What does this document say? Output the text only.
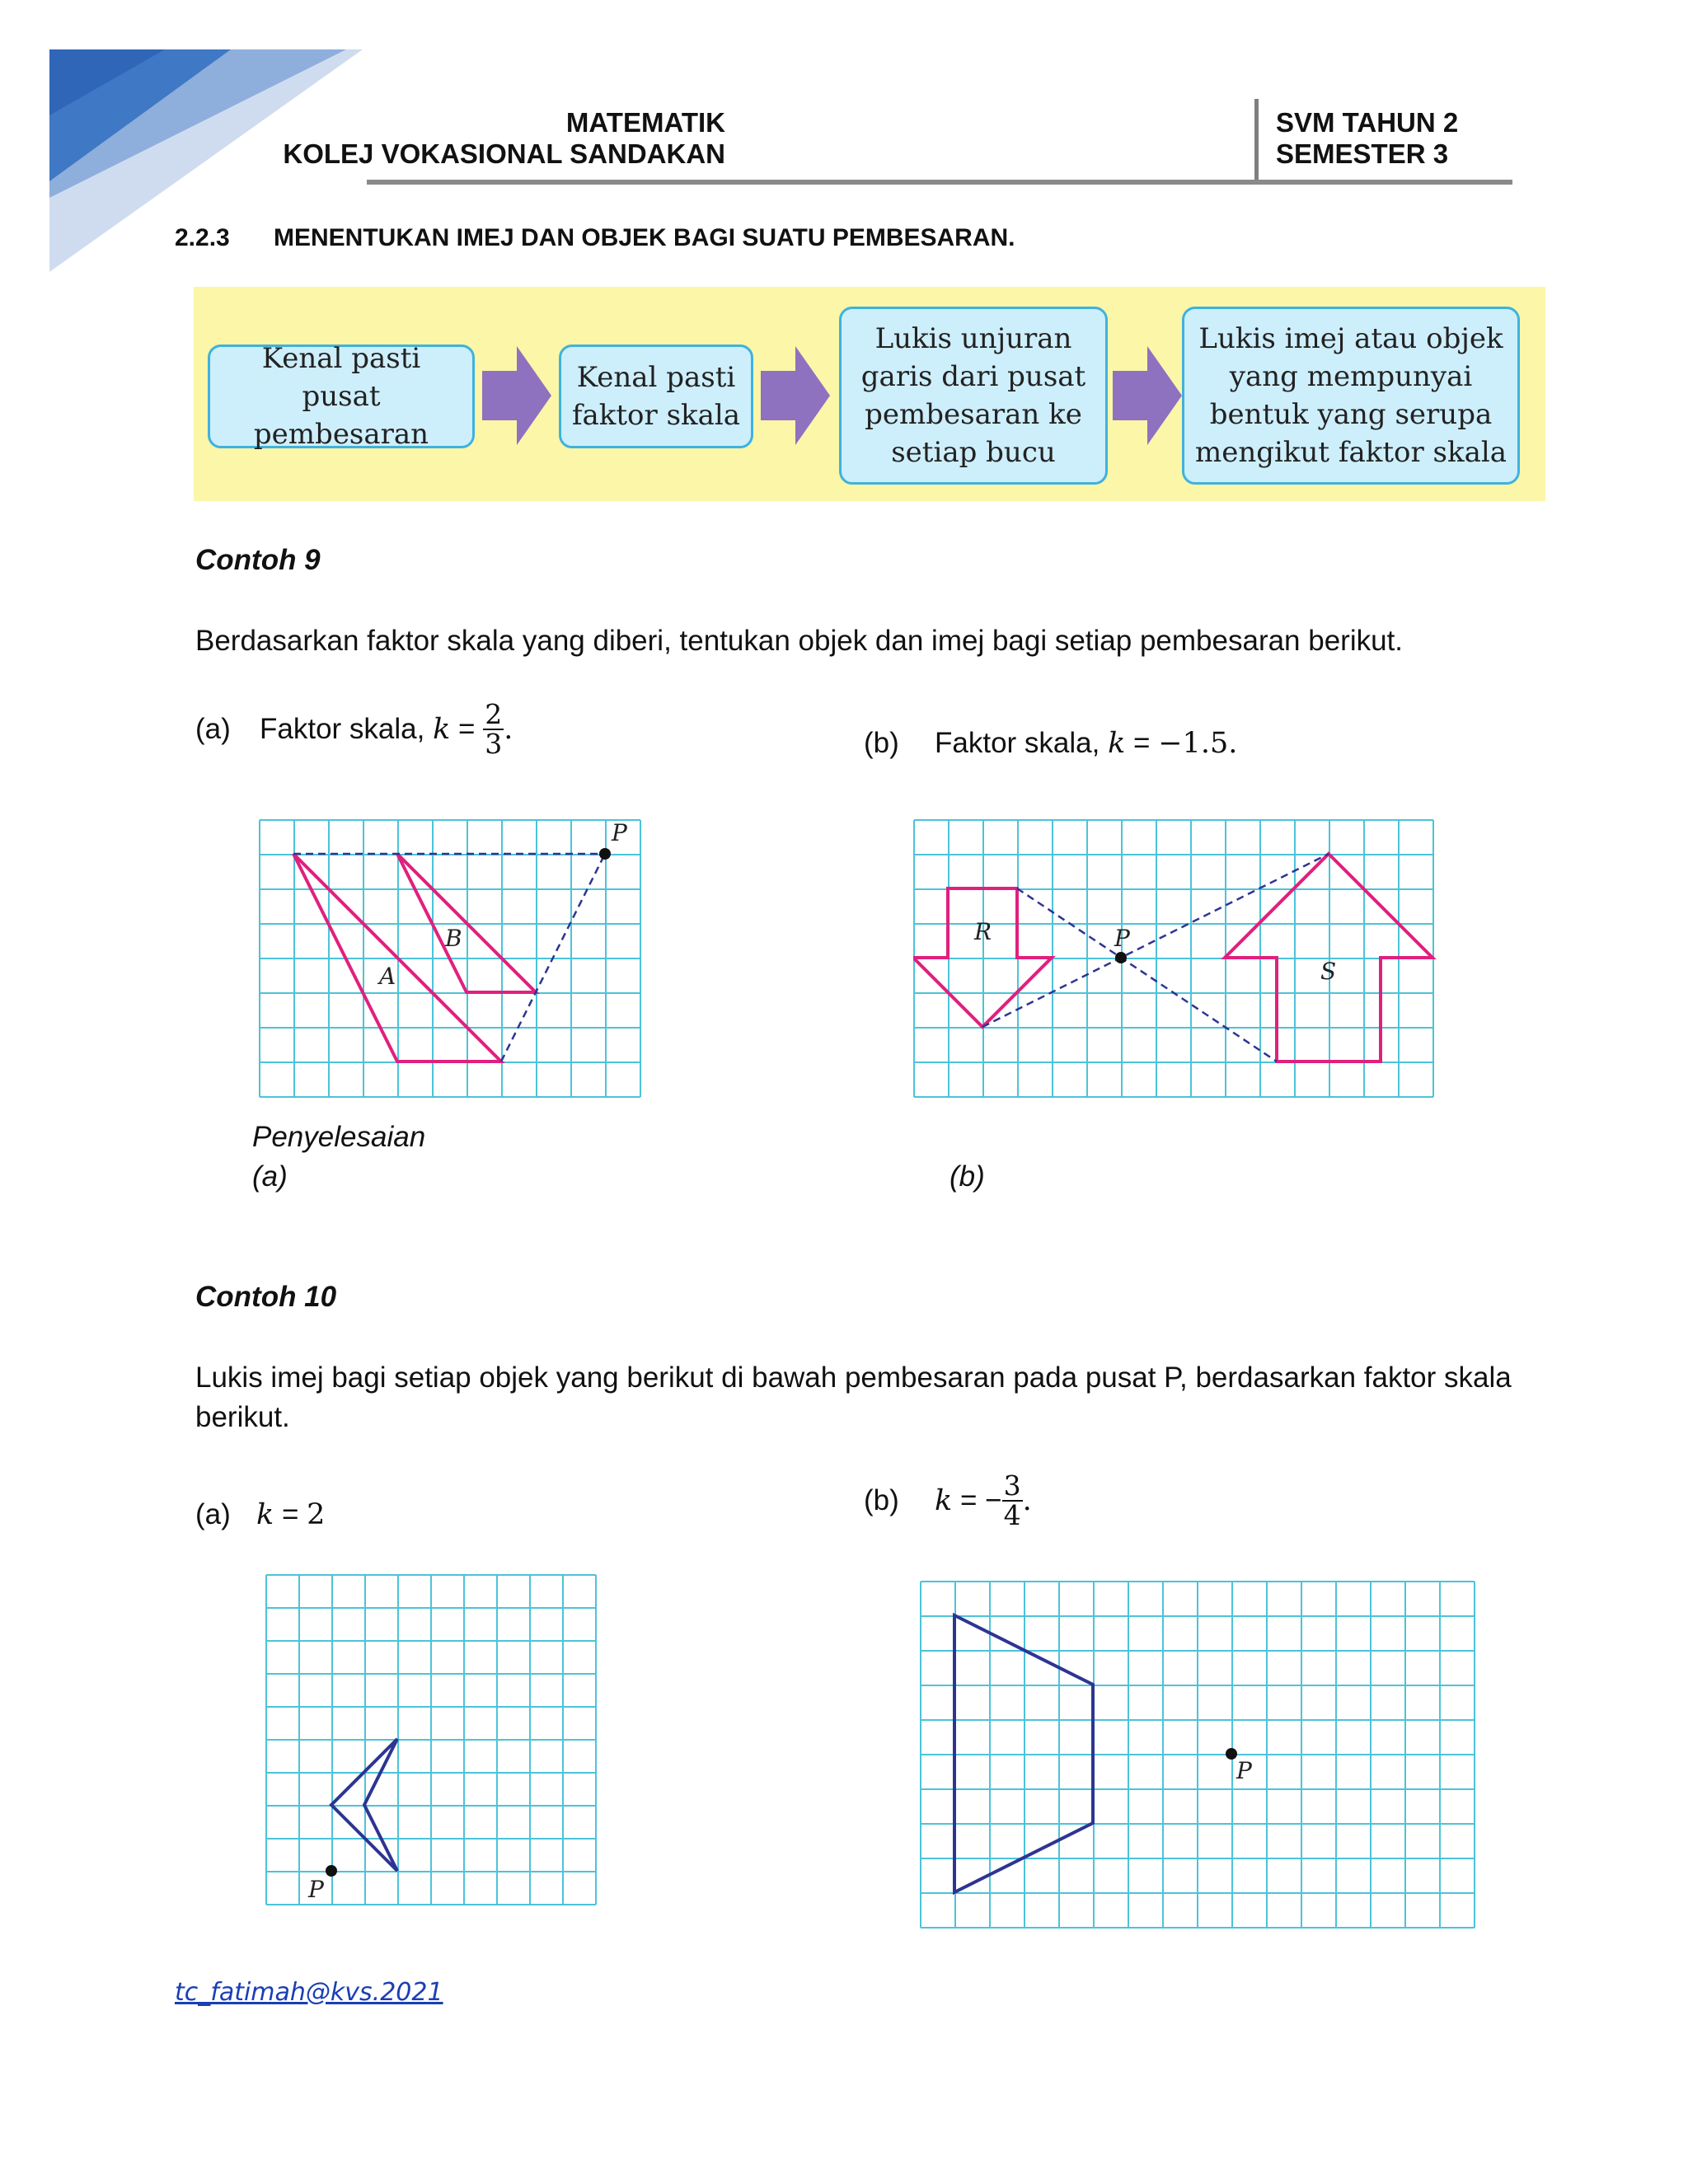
MATEMATIK
KOLEJ VOKASIONAL SANDAKAN
SVM TAHUN 2
SEMESTER 3
2.2.3 MENENTUKAN IMEJ DAN OBJEK BAGI SUATU PEMBESARAN.
Kenal pasti pusat pembesaran
Kenal pasti faktor skala
Lukis unjuran garis dari pusat pembesaran ke setiap bucu
Lukis imej atau objek yang mempunyai bentuk yang serupa mengikut faktor skala
Contoh 9
Berdasarkan faktor skala yang diberi, tentukan objek dan imej bagi setiap pembesaran berikut.
(a)	Faktor skala,
k
=
$\frac{2}{3}$ .	(b) Faktor skala, k = −1.5.
P
A
B	P
R
S
Penyelesaian
(a)	(b)
Contoh 10
Lukis imej bagi setiap objek yang berikut di bawah pembesaran pada pusat P, berdasarkan faktor skala berikut.
(a) k = 2	(b)	k
= − $\frac{3}{4}$ .
P
P
tc_fatimah@kvs.2021
